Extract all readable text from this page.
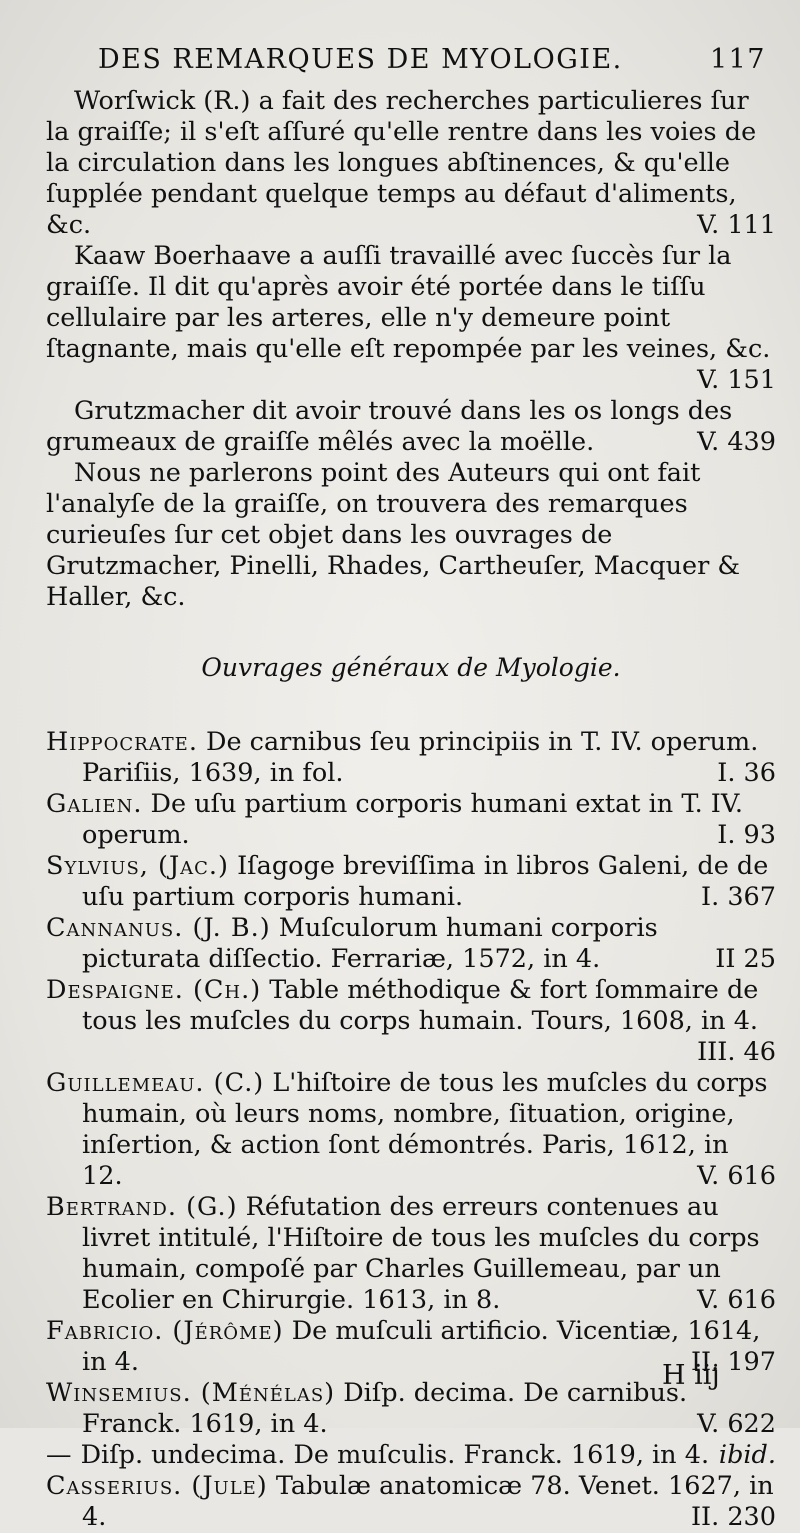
DES REMARQUES DE MYOLOGIE.	117

Worſwick (R.) a fait des recherches particulieres ſur la graiſſe; il s'eſt aſſuré qu'elle rentre dans les voies de la circulation dans les longues abſtinences, & qu'elle ſupplée pendant quelque temps au défaut d'aliments, &c.	V. 111

Kaaw Boerhaave a auſſi travaillé avec ſuccès ſur la graiſſe. Il dit qu'après avoir été portée dans le tiſſu cellulaire par les arteres, elle n'y demeure point ſtagnante, mais qu'elle eſt repompée par les veines, &c.
V. 151

Grutzmacher dit avoir trouvé dans les os longs des grumeaux de graiſſe mêlés avec la moëlle.	V. 439

Nous ne parlerons point des Auteurs qui ont fait l'analyſe de la graiſſe, on trouvera des remarques curieuſes ſur cet objet dans les ouvrages de Grutzmacher, Pinelli, Rhades, Cartheuſer, Macquer & Haller, &c.

Ouvrages généraux de Myologie.

Hippocrate. De carnibus ſeu principiis in T. IV. operum. Pariſiis, 1639, in fol.	I. 36

Galien. De uſu partium corporis humani extat in T. IV. operum.	I. 93

Sylvius, (Jac.) Iſagoge breviſſima in libros Galeni, de de uſu partium corporis humani.	I. 367

Cannanus. (J. B.) Muſculorum humani corporis picturata diſſectio. Ferrariæ, 1572, in 4.	II 25

Despaigne. (Ch.) Table méthodique & fort ſommaire de tous les muſcles du corps humain. Tours, 1608, in 4.
III. 46

Guillemeau. (C.) L'hiſtoire de tous les muſcles du corps humain, où leurs noms, nombre, ſituation, origine, inſertion, & action ſont démontrés. Paris, 1612, in 12.	V. 616

Bertrand. (G.) Réfutation des erreurs contenues au livret intitulé, l'Hiſtoire de tous les muſcles du corps humain, compoſé par Charles Guillemeau, par un Ecolier en Chirurgie. 1613, in 8.	V. 616

Fabricio. (Jérôme) De muſculi artificio. Vicentiæ, 1614, in 4.	II. 197

Winsemius. (Ménélas) Diſp. decima. De carnibus. Franck. 1619, in 4.	V. 622

— Diſp. undecima. De muſculis. Franck. 1619, in 4. ibid.

Casserius. (Jule) Tabulæ anatomicæ 78. Venet. 1627, in 4.	II. 230

H iij
